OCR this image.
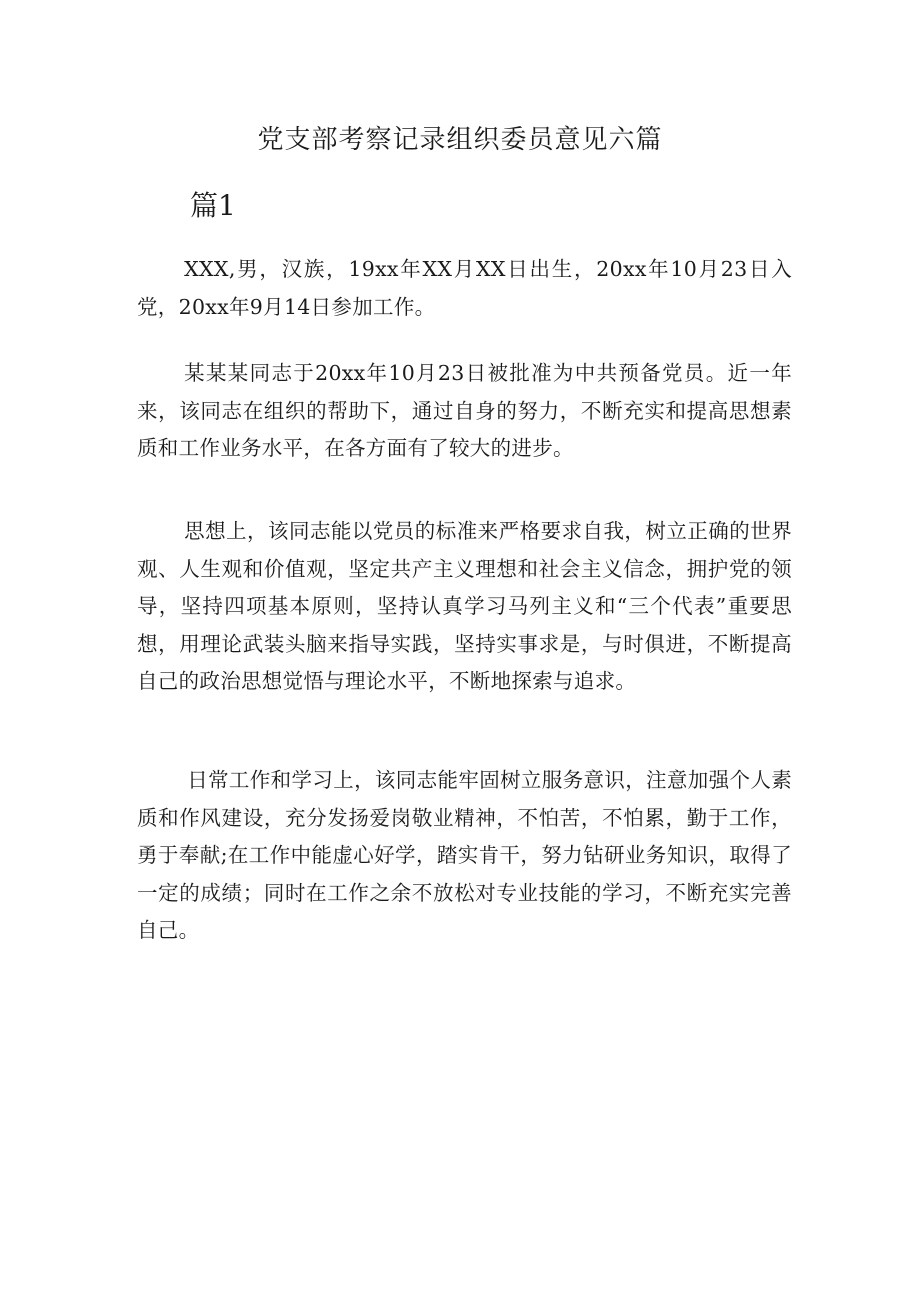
党支部考察记录组织委员意见六篇
篇1

XXX,男，汉族，19xx年XX月XX日出生，20xx年10月23日入党，20xx年9月14日参加工作。

某某某同志于20xx年10月23日被批准为中共预备党员。近一年来，该同志在组织的帮助下，通过自身的努力，不断充实和提高思想素质和工作业务水平，在各方面有了较大的进步。

思想上，该同志能以党员的标准来严格要求自我，树立正确的世界观、人生观和价值观，坚定共产主义理想和社会主义信念，拥护党的领导，坚持四项基本原则，坚持认真学习马列主义和“三个代表”重要思想，用理论武装头脑来指导实践，坚持实事求是，与时俱进，不断提高自己的政治思想觉悟与理论水平，不断地探索与追求。

日常工作和学习上，该同志能牢固树立服务意识，注意加强个人素质和作风建设，充分发扬爱岗敬业精神，不怕苦，不怕累，勤于工作，勇于奉献;在工作中能虚心好学，踏实肯干，努力钻研业务知识，取得了一定的成绩；同时在工作之余不放松对专业技能的学习，不断充实完善自己。
